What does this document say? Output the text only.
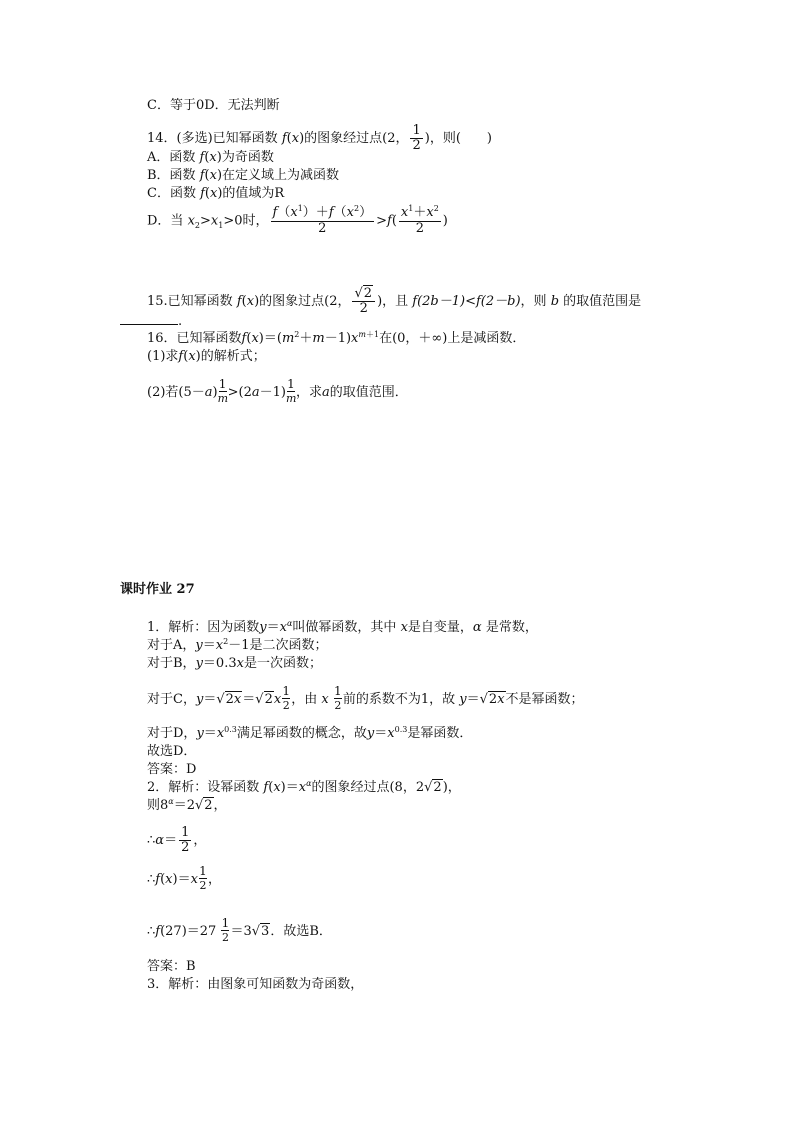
C．等于0D．无法判断
14．(多选)已知幂函数 f(x)的图象经过点(2， $\frac{1}{2}$ )，则(　　)
A．函数 f(x)为奇函数
B．函数 f(x)在定义域上为减函数
C．函数 f(x)的值域为R
D．当 $x_2>x_1>0$时， $\frac{f(x^1)+f(x^2)}{2} >f( \frac{x^1+x^2}{2}$ )
15.已知幂函数 f(x)的图象过点(2， $\frac{√2}{2}$ )，且 f(2b－1)<f(2－b)，则 b 的取值范围是
.
16．已知幂函数$f(x)=(m^2+m-1)x^{m+1}$在(0，＋∞)上是减函数．
(1)求f(x)的解析式；
(2)若(5－a)
$\frac{1}{m}$
>(2a－1)
$\frac{1}{m}$
，求a的取值范围．
课时作业 27
1．解析：因为函数$y=x^\alpha$叫做幂函数，其中 x是自变量，α 是常数，
对于A，$y=x^2-1$是二次函数；
对于B，y＝0.3x是一次函数；
对于C，y＝√2x＝√2x
$\frac{1}{2}$
，由 x
$\frac{1}{2}$
前的系数不为1，故 y＝√2x不是幂函数；
对于D，$y=x^{0.3}$满足幂函数的概念，故$y=x^{0.3}$是幂函数．
故选D．
答案：D
2．解析：设幂函数 $f(x)=x^\alpha$的图象经过点(8，2√2)，
则$8^\alpha=2√2$，
∴α＝ $\frac{1}{2}$ ，
∴f(x)＝x
$\frac{1}{2}$
，
∴f(27)＝27
$\frac{1}{2}$
＝3√3．故选B．
答案：B
3．解析：由图象可知函数为奇函数，
